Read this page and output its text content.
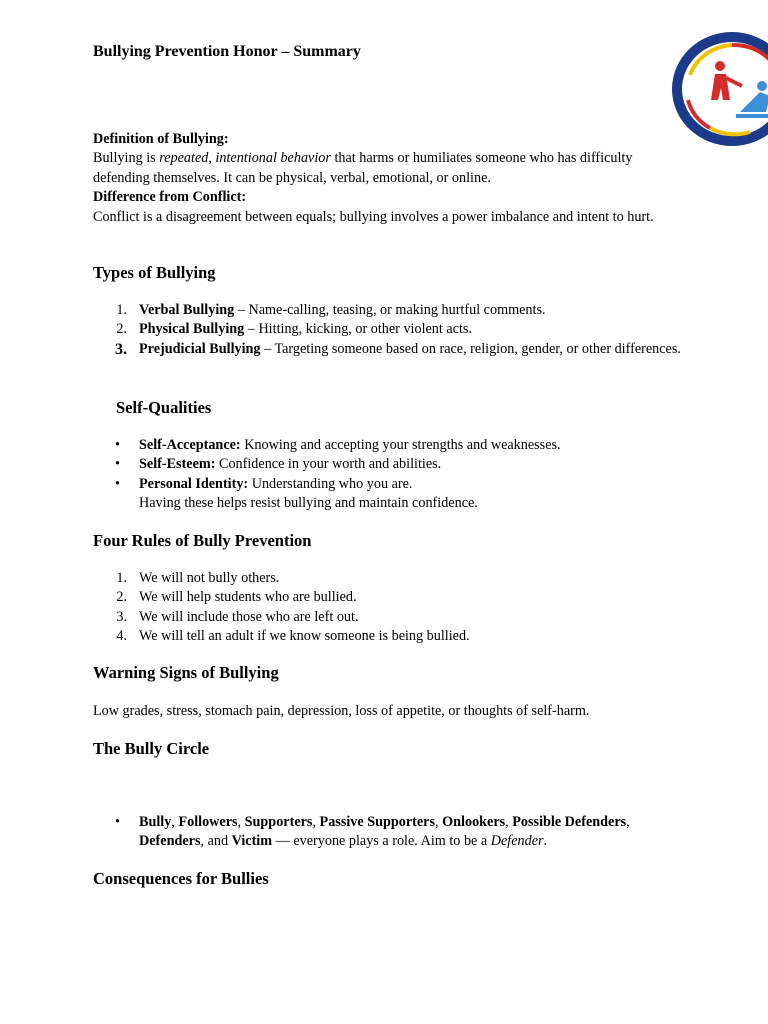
Bullying Prevention Honor – Summary
Definition of Bullying:
Bullying is repeated, intentional behavior that harms or humiliates someone who has difficulty defending themselves. It can be physical, verbal, emotional, or online.
Difference from Conflict:
Conflict is a disagreement between equals; bullying involves a power imbalance and intent to hurt.
Types of Bullying
1. Verbal Bullying – Name-calling, teasing, or making hurtful comments.
2. Physical Bullying – Hitting, kicking, or other violent acts.
3. Prejudicial Bullying – Targeting someone based on race, religion, gender, or other differences.
Self-Qualities
• Self-Acceptance: Knowing and accepting your strengths and weaknesses.
• Self-Esteem: Confidence in your worth and abilities.
• Personal Identity: Understanding who you are.
Having these helps resist bullying and maintain confidence.
Four Rules of Bully Prevention
1. We will not bully others.
2. We will help students who are bullied.
3. We will include those who are left out.
4. We will tell an adult if we know someone is being bullied.
Warning Signs of Bullying
Low grades, stress, stomach pain, depression, loss of appetite, or thoughts of self-harm.
The Bully Circle
• Bully, Followers, Supporters, Passive Supporters, Onlookers, Possible Defenders, Defenders, and Victim — everyone plays a role. Aim to be a Defender.
Consequences for Bullies
